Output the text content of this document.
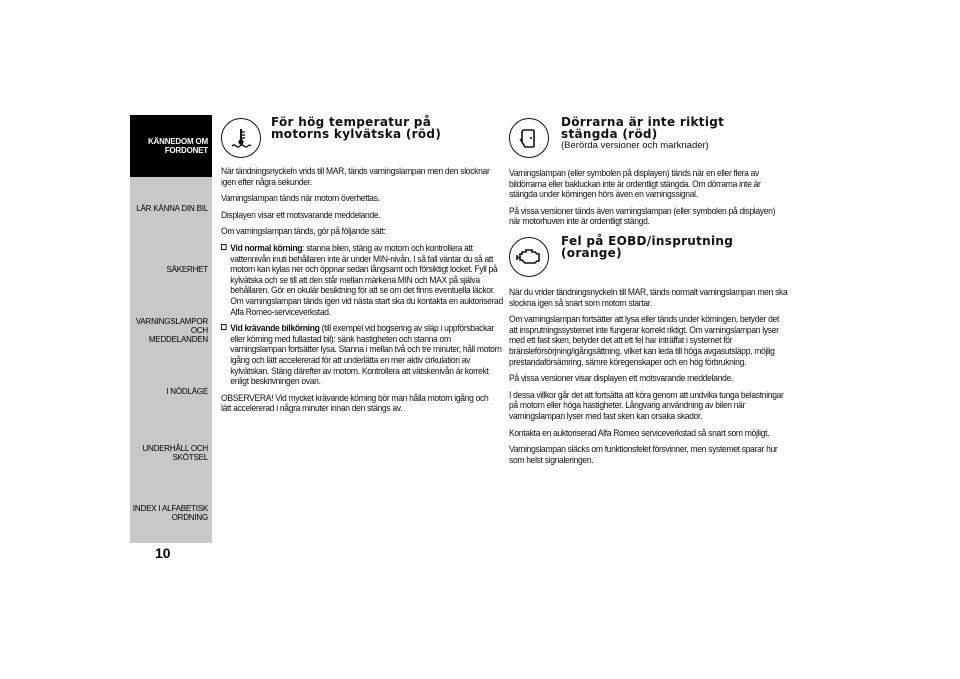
KÄNNEDOM OM FORDONET
LÄR KÄNNA DIN BIL
SÄKERHET
VARNINGSLAMPOR OCH MEDDELANDEN
I NÖDLÄGE
UNDERHÅLL OCH SKÖTSEL
INDEX I ALFABETISK ORDNING
10
För hög temperatur på
motorns kylvätska (röd)

När tändningsnyckeln vrids till MAR, tänds varningslampan men den slocknar igen efter några sekunder.

Varningslampan tänds när motorn överhettas.

Displayen visar ett motsvarande meddelande.

Om varningslampan tänds, gör på följande sätt:

Vid normal körning: stanna bilen, stäng av motorn och kontrollera att vattennivån inuti behållaren inte är under MIN-nivån. I så fall väntar du så att motorn kan kylas ner och öppnar sedan långsamt och försiktigt locket. Fyll på kylvätska och se till att den står mellan märkena MIN och MAX på själva behållaren. Gör en okulär besiktning för att se om det finns eventuella läckor. Om varningslampan tänds igen vid nästa start ska du kontakta en auktoriserad Alfa Romeo-serviceverkstad.

Vid krävande bilkörning (till exempel vid bogsering av släp i uppförsbackar eller körning med fullastad bil): sänk hastigheten och stanna om varningslampan fortsätter lysa. Stanna i mellan två och tre minuter, håll motorn igång och lätt accelererad för att underlätta en mer aktiv cirkulation av kylvätskan. Stäng därefter av motorn. Kontrollera att vätskenivån är korrekt enligt beskrivningen ovan.

OBSERVERA! Vid mycket krävande körning bör man hålla motorn igång och lätt accelererad i några minuter innan den stängs av.

Dörrarna är inte riktigt
stängda (röd)
(Berörda versioner och marknader)

Varningslampan (eller symbolen på displayen) tänds när en eller flera av bildörrarna eller bakluckan inte är ordentligt stängda. Om dörrarna inte är stängda under körningen hörs även en varningssignal.

På vissa versioner tänds även varningslampan (eller symbolen på displayen) när motorhuven inte är ordentligt stängd.

Fel på EOBD/insprutning
(orange)

När du vrider tändningsnyckeln till MAR, tänds normalt varningslampan men ska slockna igen så snart som motorn startar.

Om varningslampan fortsätter att lysa eller tänds under körningen, betyder det att insprutningssystemet inte fungerar korrekt riktigt. Om varningslampan lyser med ett fast sken, betyder det att ett fel har inträffat i systemet för bränsleförsörjning/igångsättning, vilket kan leda till höga avgasutsläpp, möjlig prestandaförsämring, sämre köregenskaper och en hög förbrukning.

På vissa versioner visar displayen ett motsvarande meddelande.

I dessa villkor går det att fortsätta att köra genom att undvika tunga belastningar på motorn eller höga hastigheter. Långvarig användning av bilen när varningslampan lyser med fast sken kan orsaka skador.

Kontakta en auktoriserad Alfa Romeo serviceverkstad så snart som möjligt.

Varningslampan släcks om funktionsfelet försvinner, men systemet sparar hur som helst signaleringen.
